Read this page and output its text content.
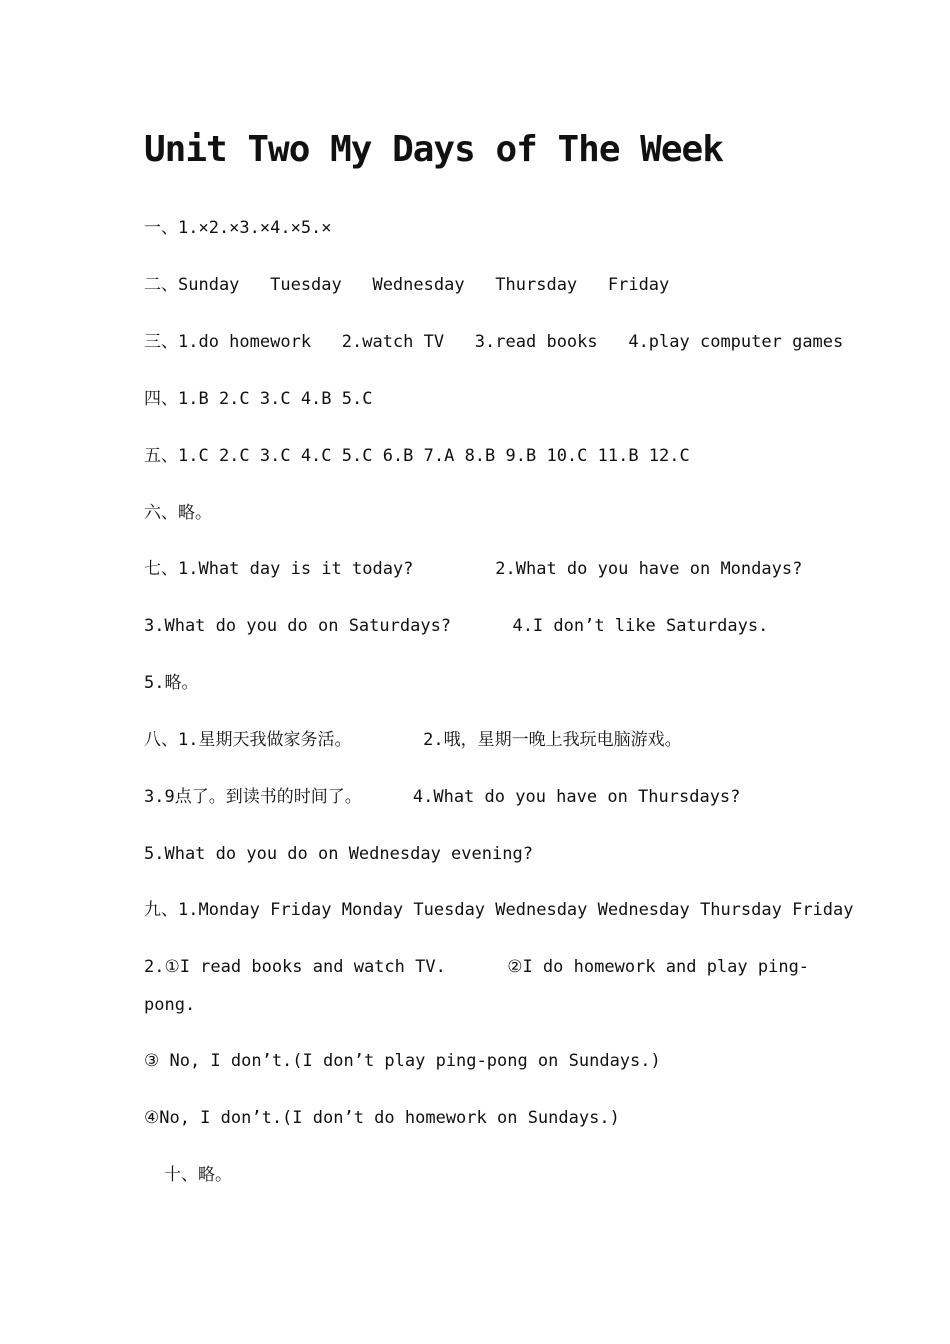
Unit Two My Days of The Week

一、1.×2.×3.×4.×5.×

二、Sunday   Tuesday   Wednesday   Thursday   Friday

三、1.do homework   2.watch TV   3.read books   4.play computer games

四、1.B 2.C 3.C 4.B 5.C

五、1.C 2.C 3.C 4.C 5.C 6.B 7.A 8.B 9.B 10.C 11.B 12.C

六、略。

七、1.What day is it today?        2.What do you have on Mondays?

3.What do you do on Saturdays?      4.I don’t like Saturdays.

5.略。

八、1.星期天我做家务活。       2.哦，星期一晚上我玩电脑游戏。

3.9点了。到读书的时间了。     4.What do you have on Thursdays?

5.What do you do on Wednesday evening?

九、1.Monday Friday Monday Tuesday Wednesday Wednesday Thursday Friday

2.①I read books and watch TV.      ②I do homework and play ping-

pong.

③ No, I don’t.(I don’t play ping-pong on Sundays.)

④No, I don’t.(I don’t do homework on Sundays.)

十、略。
